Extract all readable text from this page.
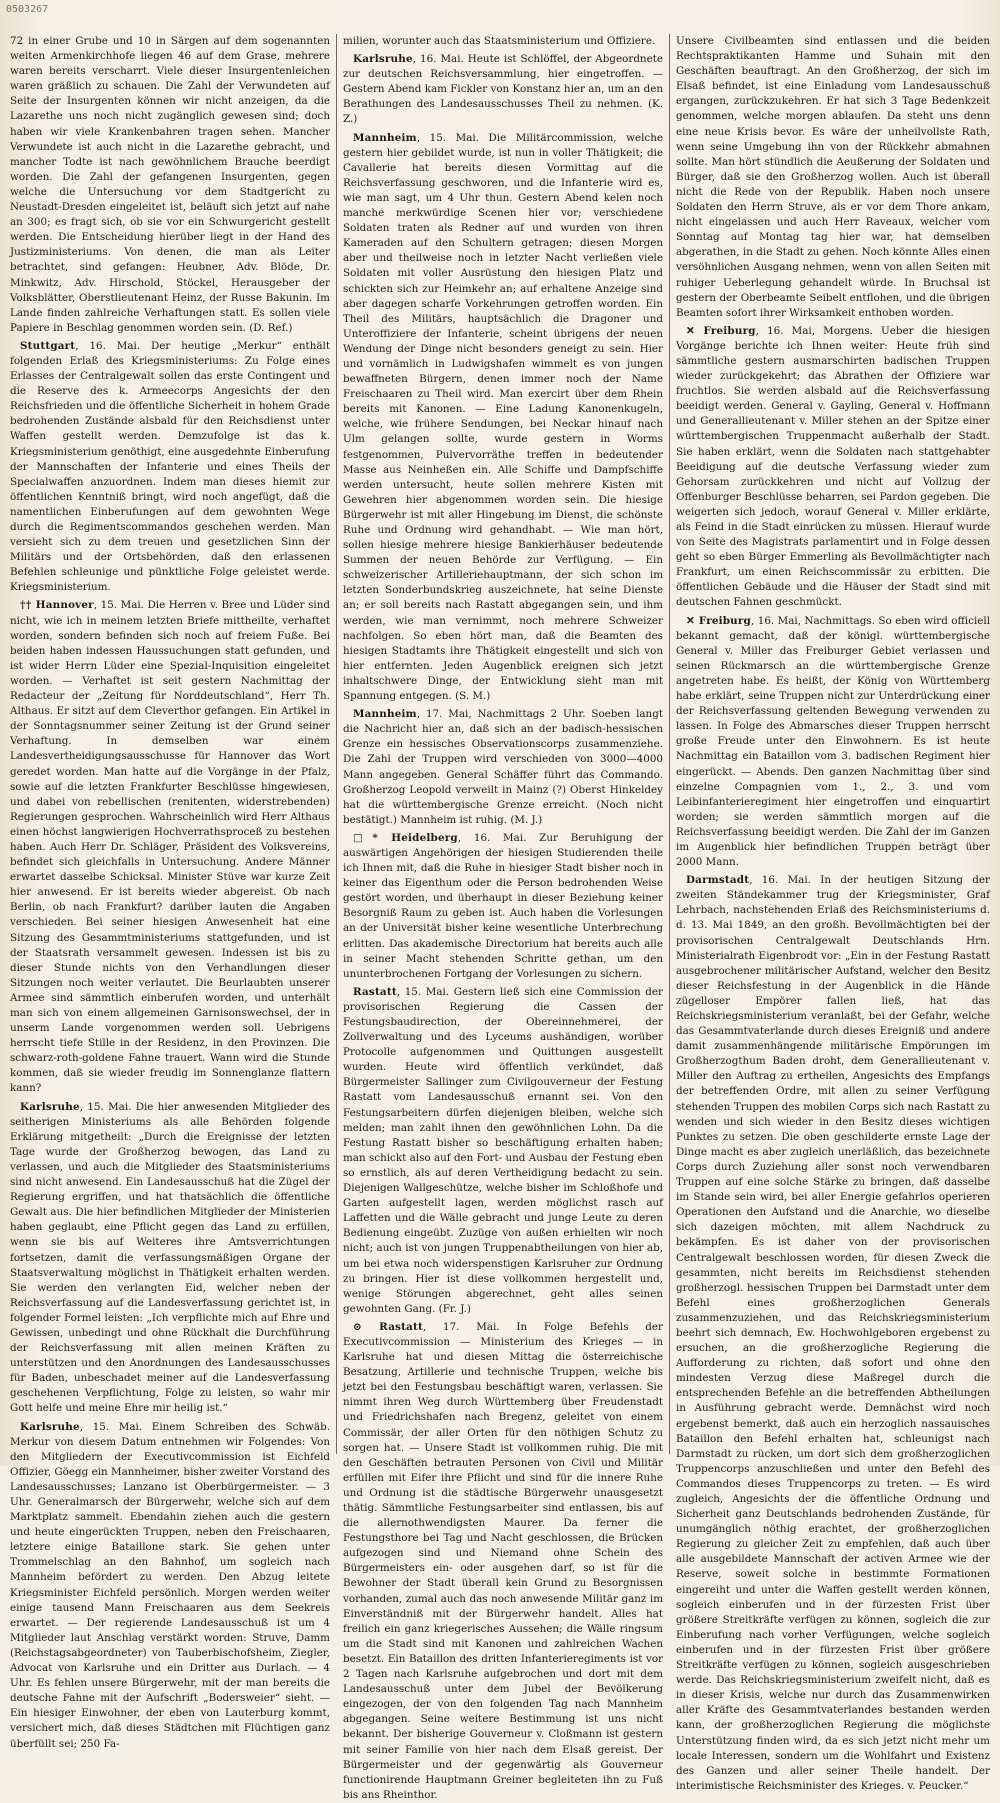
0503267

72 in einer Grube und 10 in Särgen auf dem sogenannten weiten Armenkirchhofe liegen 46 auf dem Grase, mehrere waren bereits verscharrt. Viele dieser Insurgentenleichen waren gräßlich zu schauen. Die Zahl der Verwundeten auf Seite der Insurgenten können wir nicht anzeigen, da die Lazarethe uns noch nicht zugänglich gewesen sind; doch haben wir viele Krankenbahren tragen sehen. Mancher Verwundete ist auch nicht in die Lazarethe gebracht, und mancher Todte ist nach gewöhnlichem Brauche beerdigt worden. Die Zahl der gefangenen Insurgenten, gegen welche die Untersuchung vor dem Stadtgericht zu Neustadt-Dresden eingeleitet ist, beläuft sich jetzt auf nahe an 300; es fragt sich, ob sie vor ein Schwurgericht gestellt werden. Die Entscheidung hierüber liegt in der Hand des Justizministeriums. Von denen, die man als Leiter betrachtet, sind gefangen: Heubner, Adv. Blöde, Dr. Minkwitz, Adv. Hirschold, Stöckel, Herausgeber der Volksblätter, Oberstlieutenant Heinz, der Russe Bakunin. Im Lande finden zahlreiche Verhaftungen statt. Es sollen viele Papiere in Beschlag genommen worden sein. (D. Ref.)

Stuttgart, 16. Mai. Der heutige „Merkur“ enthält folgenden Erlaß des Kriegsministeriums: Zu Folge eines Erlasses der Centralgewalt sollen das erste Contingent und die Reserve des k. Armeecorps Angesichts der den Reichsfrieden und die öffentliche Sicherheit in hohem Grade bedrohenden Zustände alsbald für den Reichsdienst unter Waffen gestellt werden. Demzufolge ist das k. Kriegsministerium genöthigt, eine ausgedehnte Einberufung der Mannschaften der Infanterie und eines Theils der Specialwaffen anzuordnen. Indem man dieses hiemit zur öffentlichen Kenntniß bringt, wird noch angefügt, daß die namentlichen Einberufungen auf dem gewohnten Wege durch die Regimentscommandos geschehen werden. Man versieht sich zu dem treuen und gesetzlichen Sinn der Militärs und der Ortsbehörden, daß den erlassenen Befehlen schleunige und pünktliche Folge geleistet werde. Kriegsministerium.

†† Hannover, 15. Mai. Die Herren v. Bree und Lüder sind nicht, wie ich in meinem letzten Briefe mittheilte, verhaftet worden, sondern befinden sich noch auf freiem Fuße. Bei beiden haben indessen Haussuchungen statt gefunden, und ist wider Herrn Lüder eine Spezial-Inquisition eingeleitet worden. — Verhaftet ist seit gestern Nachmittag der Redacteur der „Zeitung für Norddeutschland“, Herr Th. Althaus. Er sitzt auf dem Cleverthor gefangen. Ein Artikel in der Sonntagsnummer seiner Zeitung ist der Grund seiner Verhaftung. In demselben war einem Landesvertheidigungsausschusse für Hannover das Wort geredet worden. Man hatte auf die Vorgänge in der Pfalz, sowie auf die letzten Frankfurter Beschlüsse hingewiesen, und dabei von rebellischen (renitenten, widerstrebenden) Regierungen gesprochen. Wahrscheinlich wird Herr Althaus einen höchst langwierigen Hochverrathsproceß zu bestehen haben. Auch Herr Dr. Schläger, Präsident des Volksvereins, befindet sich gleichfalls in Untersuchung. Andere Männer erwartet dasselbe Schicksal. Minister Stüve war kurze Zeit hier anwesend. Er ist bereits wieder abgereist. Ob nach Berlin, ob nach Frankfurt? darüber lauten die Angaben verschieden. Bei seiner hiesigen Anwesenheit hat eine Sitzung des Gesammtministeriums stattgefunden, und ist der Staatsrath versammelt gewesen. Indessen ist bis zu dieser Stunde nichts von den Verhandlungen dieser Sitzungen noch weiter verlautet. Die Beurlaubten unserer Armee sind sämmtlich einberufen worden, und unterhält man sich von einem allgemeinen Garnisonswechsel, der in unserm Lande vorgenommen werden soll. Uebrigens herrscht tiefe Stille in der Residenz, in den Provinzen. Die schwarz-roth-goldene Fahne trauert. Wann wird die Stunde kommen, daß sie wieder freudig im Sonnenglanze flattern kann?

Karlsruhe, 15. Mai. Die hier anwesenden Mitglieder des seitherigen Ministeriums als alle Behörden folgende Erklärung mitgetheilt: „Durch die Ereignisse der letzten Tage wurde der Großherzog bewogen, das Land zu verlassen, und auch die Mitglieder des Staatsministeriums sind nicht anwesend. Ein Landesausschuß hat die Zügel der Regierung ergriffen, und hat thatsächlich die öffentliche Gewalt aus. Die hier befindlichen Mitglieder der Ministerien haben geglaubt, eine Pflicht gegen das Land zu erfüllen, wenn sie bis auf Weiteres ihre Amtsverrichtungen fortsetzen, damit die verfassungsmäßigen Organe der Staatsverwaltung möglichst in Thätigkeit erhalten werden. Sie werden den verlangten Eid, welcher neben der Reichsverfassung auf die Landesverfassung gerichtet ist, in folgender Formel leisten: „Ich verpflichte mich auf Ehre und Gewissen, unbedingt und ohne Rückhalt die Durchführung der Reichsverfassung mit allen meinen Kräften zu unterstützen und den Anordnungen des Landesausschusses für Baden, unbeschadet meiner auf die Landesverfassung geschehenen Verpflichtung, Folge zu leisten, so wahr mir Gott helfe und meine Ehre mir heilig ist.“

Karlsruhe, 15. Mai. Einem Schreiben des Schwäb. Merkur von diesem Datum entnehmen wir Folgendes: Von den Mitgliedern der Executivcommission ist Eichfeld Offizier, Göegg ein Mannheimer, bisher zweiter Vorstand des Landesausschusses; Lanzano ist Oberbürgermeister. — 3 Uhr. Generalmarsch der Bürgerwehr, welche sich auf dem Marktplatz sammelt. Ebendahin ziehen auch die gestern und heute eingerückten Truppen, neben den Freischaaren, letztere einige Bataillone stark. Sie gehen unter Trommelschlag an den Bahnhof, um sogleich nach Mannheim befördert zu werden. Den Abzug leitete Kriegsminister Eichfeld persönlich. Morgen werden weiter einige tausend Mann Freischaaren aus dem Seekreis erwartet. — Der regierende Landesausschuß ist um 4 Mitglieder laut Anschlag verstärkt worden: Struve, Damm (Reichstagsabgeordneter) von Tauberbischofsheim, Ziegler, Advocat von Karlsruhe und ein Dritter aus Durlach. — 4 Uhr. Es fehlen unsere Bürgerwehr, mit der man bereits die deutsche Fahne mit der Aufschrift „Bodersweier“ sieht. — Ein hiesiger Einwohner, der eben von Lauterburg kommt, versichert mich, daß dieses Städtchen mit Flüchtigen ganz überfüllt sei; 250 Fa-

milien, worunter auch das Staatsministerium und Offiziere.

Karlsruhe, 16. Mai. Heute ist Schlöffel, der Abgeordnete zur deutschen Reichsversammlung, hier eingetroffen. — Gestern Abend kam Fickler von Konstanz hier an, um an den Berathungen des Landesausschusses Theil zu nehmen. (K. Z.)

Mannheim, 15. Mai. Die Militärcommission, welche gestern hier gebildet wurde, ist nun in voller Thätigkeit; die Cavallerie hat bereits diesen Vormittag auf die Reichsverfassung geschworen, und die Infanterie wird es, wie man sagt, um 4 Uhr thun. Gestern Abend kelen noch manche merkwürdige Scenen hier vor; verschiedene Soldaten traten als Redner auf und wurden von ihren Kameraden auf den Schultern getragen; diesen Morgen aber und theilweise noch in letzter Nacht verließen viele Soldaten mit voller Ausrüstung den hiesigen Platz und schickten sich zur Heimkehr an; auf erhaltene Anzeige sind aber dagegen scharfe Vorkehrungen getroffen worden. Ein Theil des Militärs, hauptsächlich die Dragoner und Unteroffiziere der Infanterie, scheint übrigens der neuen Wendung der Dinge nicht besonders geneigt zu sein. Hier und vornämlich in Ludwigshafen wimmelt es von jungen bewaffneten Bürgern, denen immer noch der Name Freischaaren zu Theil wird. Man exercirt über dem Rhein bereits mit Kanonen. — Eine Ladung Kanonenkugeln, welche, wie frühere Sendungen, bei Neckar hinauf nach Ulm gelangen sollte, wurde gestern in Worms festgenommen, Pulvervorräthe treffen in bedeutender Masse aus Neinheßen ein. Alle Schiffe und Dampfschiffe werden untersucht, heute sollen mehrere Kisten mit Gewehren hier abgenommen worden sein. Die hiesige Bürgerwehr ist mit aller Hingebung im Dienst, die schönste Ruhe und Ordnung wird gehandhabt. — Wie man hört, sollen hiesige mehrere hiesige Bankierhäuser bedeutende Summen der neuen Behörde zur Verfügung. — Ein schweizerischer Artilleriehauptmann, der sich schon im letzten Sonderbundskrieg auszeichnete, hat seine Dienste an; er soll bereits nach Rastatt abgegangen sein, und ihm werden, wie man vernimmt, noch mehrere Schweizer nachfolgen. So eben hört man, daß die Beamten des hiesigen Stadtamts ihre Thätigkeit eingestellt und sich von hier entfernten. Jeden Augenblick ereignen sich jetzt inhaltschwere Dinge, der Entwicklung sieht man mit Spannung entgegen. (S. M.)

Mannheim, 17. Mai, Nachmittags 2 Uhr. Soeben langt die Nachricht hier an, daß sich an der badisch-hessischen Grenze ein hessisches Observationscorps zusammenziehe. Die Zahl der Truppen wird verschieden von 3000—4000 Mann angegeben. General Schäffer führt das Commando. Großherzog Leopold verweilt in Mainz (?) Oberst Hinkeldey hat die württembergische Grenze erreicht. (Noch nicht bestätigt.) Mannheim ist ruhig. (M. J.)

□* Heidelberg, 16. Mai. Zur Beruhigung der auswärtigen Angehörigen der hiesigen Studierenden theile ich Ihnen mit, daß die Ruhe in hiesiger Stadt bisher noch in keiner das Eigenthum oder die Person bedrohenden Weise gestört worden, und überhaupt in dieser Beziehung keiner Besorgniß Raum zu geben ist. Auch haben die Vorlesungen an der Universität bisher keine wesentliche Unterbrechung erlitten. Das akademische Directorium hat bereits auch alle in seiner Macht stehenden Schritte gethan, um den ununterbrochenen Fortgang der Vorlesungen zu sichern.

Rastatt, 15. Mai. Gestern ließ sich eine Commission der provisorischen Regierung die Cassen der Festungsbaudirection, der Obereinnehmerei, der Zollverwaltung und des Lyceums aushändigen, worüber Protocolle aufgenommen und Quittungen ausgestellt wurden. Heute wird öffentlich verkündet, daß Bürgermeister Sallinger zum Civilgouverneur der Festung Rastatt vom Landesausschuß ernannt sei. Von den Festungsarbeitern dürfen diejenigen bleiben, welche sich melden; man zahlt ihnen den gewöhnlichen Lohn. Da die Festung Rastatt bisher so beschäftigung erhalten haben; man schickt also auf den Fort- und Ausbau der Festung eben so ernstlich, als auf deren Vertheidigung bedacht zu sein. Diejenigen Wallgeschütze, welche bisher im Schloßhofe und Garten aufgestellt lagen, werden möglichst rasch auf Laffetten und die Wälle gebracht und junge Leute zu deren Bedienung eingeübt. Zuzüge von außen erhielten wir noch nicht; auch ist von jungen Truppenabtheilungen von hier ab, um bei etwa noch widerspenstigen Karlsruher zur Ordnung zu bringen. Hier ist diese vollkommen hergestellt und, wenige Störungen abgerechnet, geht alles seinen gewohnten Gang. (Fr. J.)

⊙ Rastatt, 17. Mai. In Folge Befehls der Executivcommission — Ministerium des Krieges — in Karlsruhe hat und diesen Mittag die österreichische Besatzung, Artillerie und technische Truppen, welche bis jetzt bei den Festungsbau beschäftigt waren, verlassen. Sie nimmt ihren Weg durch Württemberg über Freudenstadt und Friedrichshafen nach Bregenz, geleitet von einem Commissär, der aller Orten für den nöthigen Schutz zu sorgen hat. — Unsere Stadt ist vollkommen ruhig. Die mit den Geschäften betrauten Personen von Civil und Militär erfüllen mit Eifer ihre Pflicht und sind für die innere Ruhe und Ordnung ist die städtische Bürgerwehr unausgesetzt thätig. Sämmtliche Festungsarbeiter sind entlassen, bis auf die allernothwendigsten Maurer. Da ferner die Festungsthore bei Tag und Nacht geschlossen, die Brücken aufgezogen sind und Niemand ohne Schein des Bürgermeisters ein- oder ausgehen darf, so ist für die Bewohner der Stadt überall kein Grund zu Besorgnissen vorhanden, zumal auch das noch anwesende Militär ganz im Einverständniß mit der Bürgerwehr handelt. Alles hat freilich ein ganz kriegerisches Aussehen; die Wälle ringsum um die Stadt sind mit Kanonen und zahlreichen Wachen besetzt. Ein Bataillon des dritten Infanterieregiments ist vor 2 Tagen nach Karlsruhe aufgebrochen und dort mit dem Landesausschuß unter dem Jubel der Bevölkerung eingezogen, der von den folgenden Tag nach Mannheim abgegangen. Seine weitere Bestimmung ist uns nicht bekannt. Der bisherige Gouverneur v. Cloßmann ist gestern mit seiner Familie von hier nach dem Elsaß gereist. Der Bürgermeister und der gegenwärtig als Gouverneur functionirende Hauptmann Greiner begleiteten ihn zu Fuß bis ans Rheinthor.

Unsere Civilbeamten sind entlassen und die beiden Rechtspraktikanten Hamme und Suhain mit den Geschäften beauftragt. An den Großherzog, der sich im Elsaß befindet, ist eine Einladung vom Landesausschuß ergangen, zurückzukehren. Er hat sich 3 Tage Bedenkzeit genommen, welche morgen ablaufen. Da steht uns denn eine neue Krisis bevor. Es wäre der unheilvollste Rath, wenn seine Umgebung ihn von der Rückkehr abmahnen sollte. Man hört stündlich die Aeußerung der Soldaten und Bürger, daß sie den Großherzog wollen. Auch ist überall nicht die Rede von der Republik. Haben noch unsere Soldaten den Herrn Struve, als er vor dem Thore ankam, nicht eingelassen und auch Herr Raveaux, welcher vom Sonntag auf Montag tag hier war, hat demselben abgerathen, in die Stadt zu gehen. Noch könnte Alles einen versöhnlichen Ausgang nehmen, wenn von allen Seiten mit ruhiger Ueberlegung gehandelt würde. In Bruchsal ist gestern der Oberbeamte Seibelt entflohen, und die übrigen Beamten sofort ihrer Wirksamkeit enthoben worden.

✕ Freiburg, 16. Mai, Morgens. Ueber die hiesigen Vorgänge berichte ich Ihnen weiter: Heute früh sind sämmtliche gestern ausmarschirten badischen Truppen wieder zurückgekehrt; das Abrathen der Offiziere war fruchtlos. Sie werden alsbald auf die Reichsverfassung beeidigt werden. General v. Gayling, General v. Hoffmann und Generallieutenant v. Miller stehen an der Spitze einer württembergischen Truppenmacht außerhalb der Stadt. Sie haben erklärt, wenn die Soldaten nach stattgehabter Beeidigung auf die deutsche Verfassung wieder zum Gehorsam zurückkehren und nicht auf Vollzug der Offenburger Beschlüsse beharren, sei Pardon gegeben. Die weigerten sich jedoch, worauf General v. Miller erklärte, als Feind in die Stadt einrücken zu müssen. Hierauf wurde von Seite des Magistrats parlamentirt und in Folge dessen geht so eben Bürger Emmerling als Bevollmächtigter nach Frankfurt, um einen Reichscommissär zu erbitten. Die öffentlichen Gebäude und die Häuser der Stadt sind mit deutschen Fahnen geschmückt.

✕ Freiburg, 16. Mai, Nachmittags. So eben wird officiell bekannt gemacht, daß der königl. württembergische General v. Miller das Freiburger Gebiet verlassen und seinen Rückmarsch an die württembergische Grenze angetreten habe. Es heißt, der König von Württemberg habe erklärt, seine Truppen nicht zur Unterdrückung einer der Reichsverfassung geltenden Bewegung verwenden zu lassen. In Folge des Abmarsches dieser Truppen herrscht große Freude unter den Einwohnern. Es ist heute Nachmittag ein Bataillon vom 3. badischen Regiment hier eingerückt. — Abends. Den ganzen Nachmittag über sind einzelne Compagnien vom 1., 2., 3. und vom Leibinfanterieregiment hier eingetroffen und einquartirt worden; sie werden sämmtlich morgen auf die Reichsverfassung beeidigt werden. Die Zahl der im Ganzen im Augenblick hier befindlichen Truppen beträgt über 2000 Mann.

Darmstadt, 16. Mai. In der heutigen Sitzung der zweiten Ständekammer trug der Kriegsminister, Graf Lehrbach, nachstehenden Erlaß des Reichsministeriums d. d. 13. Mai 1849, an den großh. Bevollmächtigten bei der provisorischen Centralgewalt Deutschlands Hrn. Ministerialrath Eigenbrodt vor: „Ein in der Festung Rastatt ausgebrochener militärischer Aufstand, welcher den Besitz dieser Reichsfestung in der Augenblick in die Hände zügelloser Empörer fallen ließ, hat das Reichskriegsministerium veranlaßt, bei der Gefahr, welche das Gesammtvaterlande durch dieses Ereigniß und andere damit zusammenhängende militärische Empörungen im Großherzogthum Baden droht, dem Generallieutenant v. Miller den Auftrag zu ertheilen, Angesichts des Empfangs der betreffenden Ordre, mit allen zu seiner Verfügung stehenden Truppen des mobilen Corps sich nach Rastatt zu wenden und sich wieder in den Besitz dieses wichtigen Punktes zu setzen. Die oben geschilderte ernste Lage der Dinge macht es aber zugleich unerläßlich, das bezeichnete Corps durch Zuziehung aller sonst noch verwendbaren Truppen auf eine solche Stärke zu bringen, daß dasselbe im Stande sein wird, bei aller Energie gefahrlos operieren Operationen den Aufstand und die Anarchie, wo dieselbe sich dazeigen möchten, mit allem Nachdruck zu bekämpfen. Es ist daher von der provisorischen Centralgewalt beschlossen worden, für diesen Zweck die gesammten, nicht bereits im Reichsdienst stehenden großherzogl. hessischen Truppen bei Darmstadt unter dem Befehl eines großherzoglichen Generals zusammenzuziehen, und das Reichskriegsministerium beehrt sich demnach, Ew. Hochwohlgeboren ergebenst zu ersuchen, an die großherzogliche Regierung die Aufforderung zu richten, daß sofort und ohne den mindesten Verzug diese Maßregel durch die entsprechenden Befehle an die betreffenden Abtheilungen in Ausführung gebracht werde. Demnächst wird noch ergebenst bemerkt, daß auch ein herzoglich nassauisches Bataillon den Befehl erhalten hat, schleunigst nach Darmstadt zu rücken, um dort sich dem großherzoglichen Truppencorps anzuschließen und unter den Befehl des Commandos dieses Truppencorps zu treten. — Es wird zugleich, Angesichts der die öffentliche Ordnung und Sicherheit ganz Deutschlands bedrohenden Zustände, für unumgänglich nöthig erachtet, der großherzoglichen Regierung zu gleicher Zeit zu empfehlen, daß auch über alle ausgebildete Mannschaft der activen Armee wie der Reserve, soweit solche in bestimmte Formationen eingereiht und unter die Waffen gestellt werden können, sogleich einberufen und in der fürzesten Frist über größere Streitkräfte verfügen zu können, sogleich die zur Einberufung nach vorher Verfügungen, welche sogleich einberufen und in der fürzesten Frist über größere Streitkräfte verfügen zu können, sogleich ausgeschrieben werde. Das Reichskriegsministerium zweifelt nicht, daß es in dieser Krisis, welche nur durch das Zusammenwirken aller Kräfte des Gesammtvaterlandes bestanden werden kann, der großherzoglichen Regierung die möglichste Unterstützung finden wird, da es sich jetzt nicht mehr um locale Interessen, sondern um die Wohlfahrt und Existenz des Ganzen und aller seiner Theile handelt. Der interimistische Reichsminister des Krieges. v. Peucker.“
